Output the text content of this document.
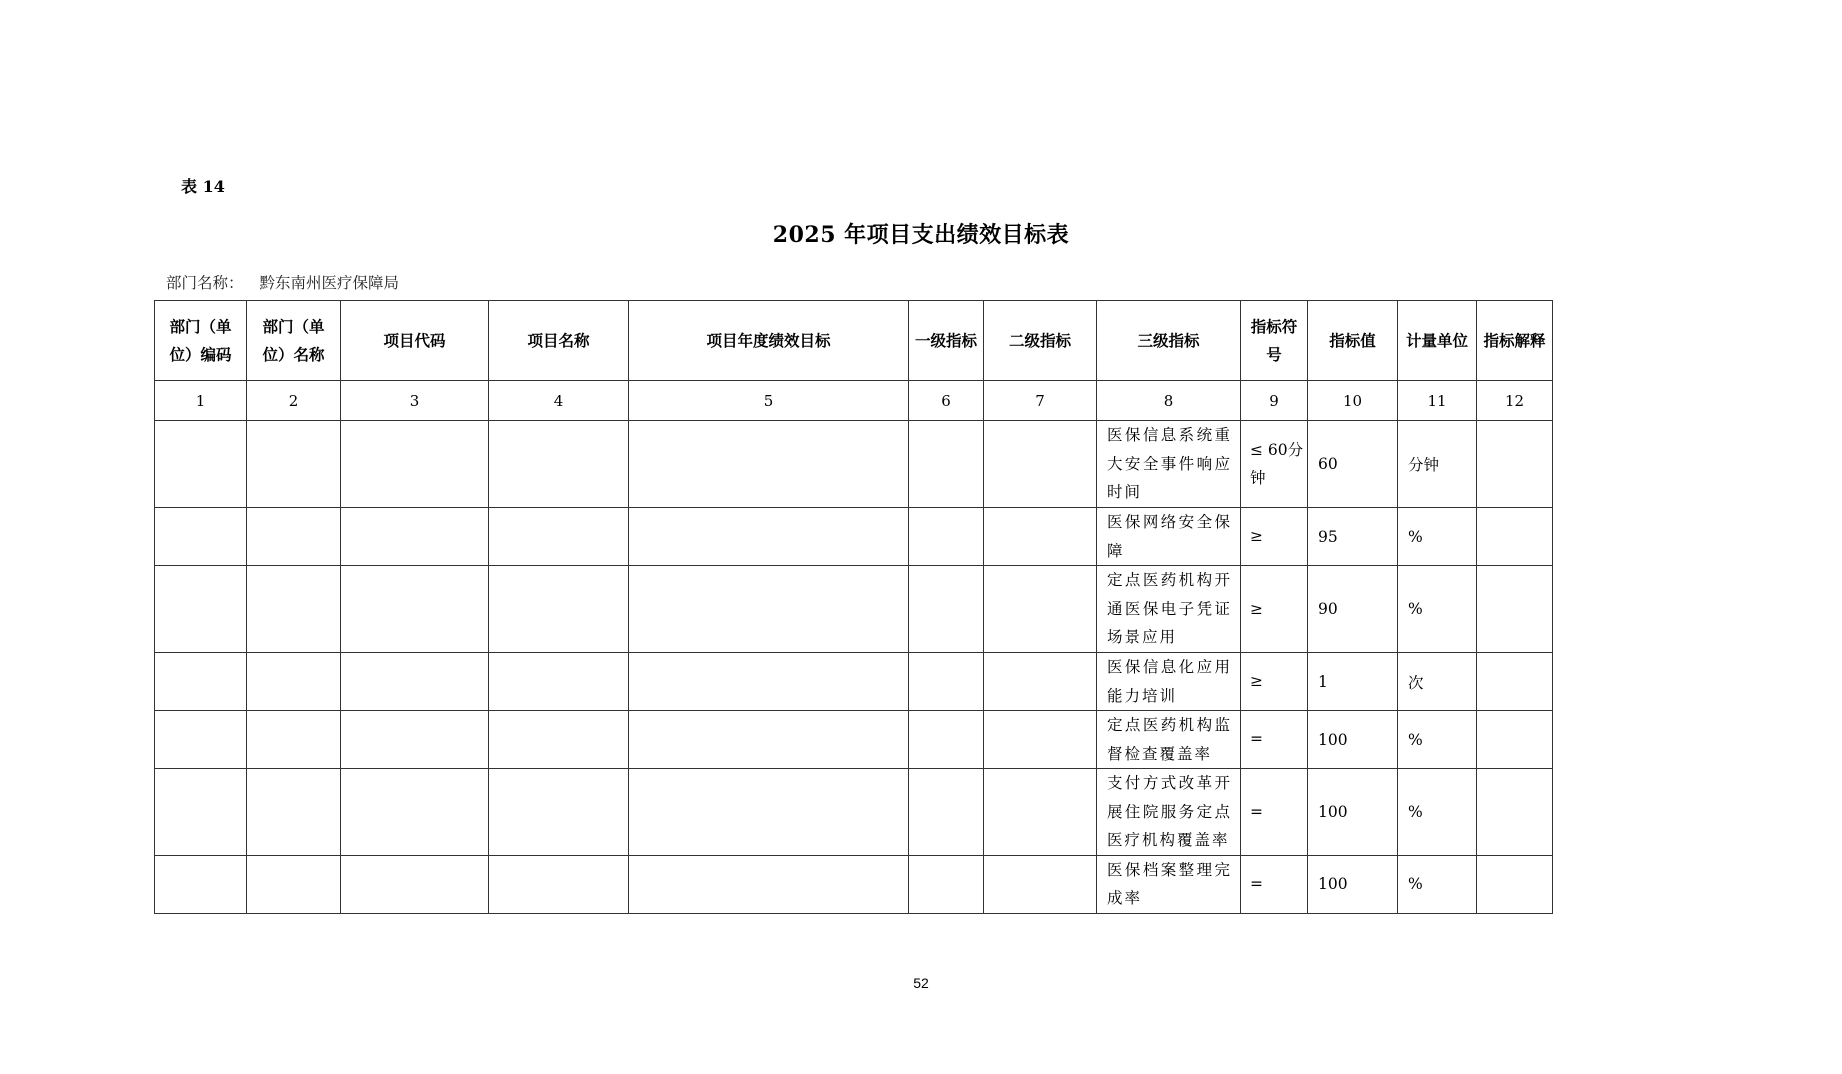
表 14
2025 年项目支出绩效目标表
部门名称： 黔东南州医疗保障局
部门（单位）编码	部门（单位）名称	项目代码	项目名称	项目年度绩效目标	一级指标	二级指标	三级指标	指标符号	指标值	计量单位	指标解释
1	2	3	4	5	6	7	8	9	10	11	12
							医保信息系统重大安全事件响应时间	≤ 60分钟	60	分钟	
							医保网络安全保障	≥	95	%	
							定点医药机构开通医保电子凭证场景应用	≥	90	%	
							医保信息化应用能力培训	≥	1	次	
							定点医药机构监督检查覆盖率	=	100	%	
							支付方式改革开展住院服务定点医疗机构覆盖率	=	100	%	
							医保档案整理完成率	=	100	%	
52
